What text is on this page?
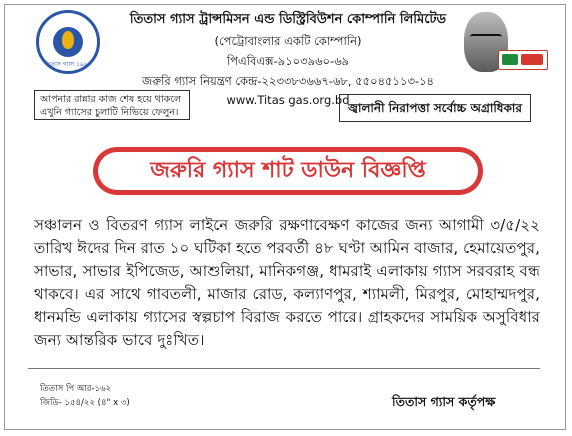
তিতাস গ্যাস ১৯৬৪
তিতাস গ্যাস ট্রান্সমিসন এন্ড ডিস্ট্রিবিউশন কোম্পানি লিমিটেড
(পেট্রোবাংলার একটি কোম্পানি)
পিএবিএক্স-৯১০৩৯৬০-৬৯
জরুরি গ্যাস নিয়ন্ত্রণ কেন্দ্র-২২৩৩৮৩৬৬৭-৬৮, ৫৫০৪৫১১৩-১৪
www.Titas gas.org.bd
আপনার রান্নার কাজ শেষ হয়ে থাকলে এখুনি গ্যাসের চুলাটি নিভিয়ে ফেলুন।	জ্বালানী নিরাপত্তা সর্বোচ্চ অগ্রাধিকার
জরুরি গ্যাস শাট ডাউন বিজ্ঞপ্তি

সঞ্চালন ও বিতরণ গ্যাস লাইনে জরুরি রক্ষণাবেক্ষণ কাজের জন্য আগামী ৩/৫/২২ তারিখ ঈদের দিন রাত ১০ ঘটিকা হতে পরবর্তী ৪৮ ঘণ্টা আমিন বাজার, হেমায়েতপুর, সাভার, সাভার ইপিজেড, আশুলিয়া, মানিকগঞ্জ, ধামরাই এলাকায় গ্যাস সরবরাহ বন্ধ থাকবে। এর সাথে গাবতলী, মাজার রোড, কল্যাণপুর, শ্যামলী, মিরপুর, মোহাম্মদপুর, ধানমন্ডি এলাকায় গ্যাসের স্বল্পচাপ বিরাজ করতে পারে। গ্রাহকদের সাময়িক অসুবিধার জন্য আন্তরিক ভাবে দুঃখিত।

তিতাস পি আর-১৬২
জিডি- ১৫৪/২২ (৪" x ৩)	তিতাস গ্যাস কর্তৃপক্ষ
